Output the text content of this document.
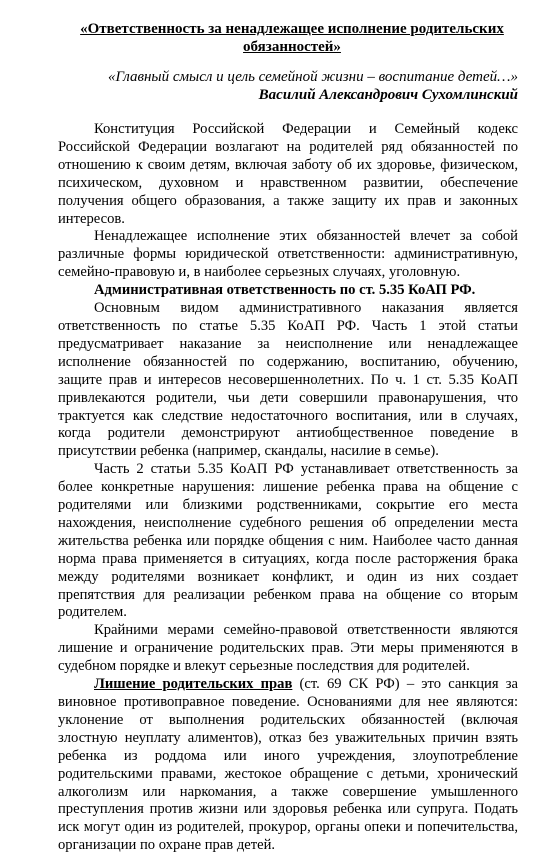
«Ответственность за ненадлежащее исполнение родительских обязанностей»
«Главный смысл и цель семейной жизни – воспитание детей…»
Василий Александрович Сухомлинский

Конституция Российской Федерации и Семейный кодекс Российской Федерации возлагают на родителей ряд обязанностей по отношению к своим детям, включая заботу об их здоровье, физическом, психическом, духовном и нравственном развитии, обеспечение получения общего образования, а также защиту их прав и законных интересов.

Ненадлежащее исполнение этих обязанностей влечет за собой различные формы юридической ответственности: административную, семейно-правовую и, в наиболее серьезных случаях, уголовную.

Административная ответственность по ст. 5.35 КоАП РФ.

Основным видом административного наказания является ответственность по статье 5.35 КоАП РФ. Часть 1 этой статьи предусматривает наказание за неисполнение или ненадлежащее исполнение обязанностей по содержанию, воспитанию, обучению, защите прав и интересов несовершеннолетних. По ч. 1 ст. 5.35 КоАП привлекаются родители, чьи дети совершили правонарушения, что трактуется как следствие недостаточного воспитания, или в случаях, когда родители демонстрируют антиобщественное поведение в присутствии ребенка (например, скандалы, насилие в семье).

Часть 2 статьи 5.35 КоАП РФ устанавливает ответственность за более конкретные нарушения: лишение ребенка права на общение с родителями или близкими родственниками, сокрытие его места нахождения, неисполнение судебного решения об определении места жительства ребенка или порядке общения с ним. Наиболее часто данная норма права применяется в ситуациях, когда после расторжения брака между родителями возникает конфликт, и один из них создает препятствия для реализации ребенком права на общение со вторым родителем.

Крайними мерами семейно-правовой ответственности являются лишение и ограничение родительских прав. Эти меры применяются в судебном порядке и влекут серьезные последствия для родителей.

Лишение родительских прав (ст. 69 СК РФ) – это санкция за виновное противоправное поведение. Основаниями для нее являются: уклонение от выполнения родительских обязанностей (включая злостную неуплату алиментов), отказ без уважительных причин взять ребенка из роддома или иного учреждения, злоупотребление родительскими правами, жестокое обращение с детьми, хронический алкоголизм или наркомания, а также совершение умышленного преступления против жизни или здоровья ребенка или супруга. Подать иск могут один из родителей, прокурор, органы опеки и попечительства, организации по охране прав детей.
